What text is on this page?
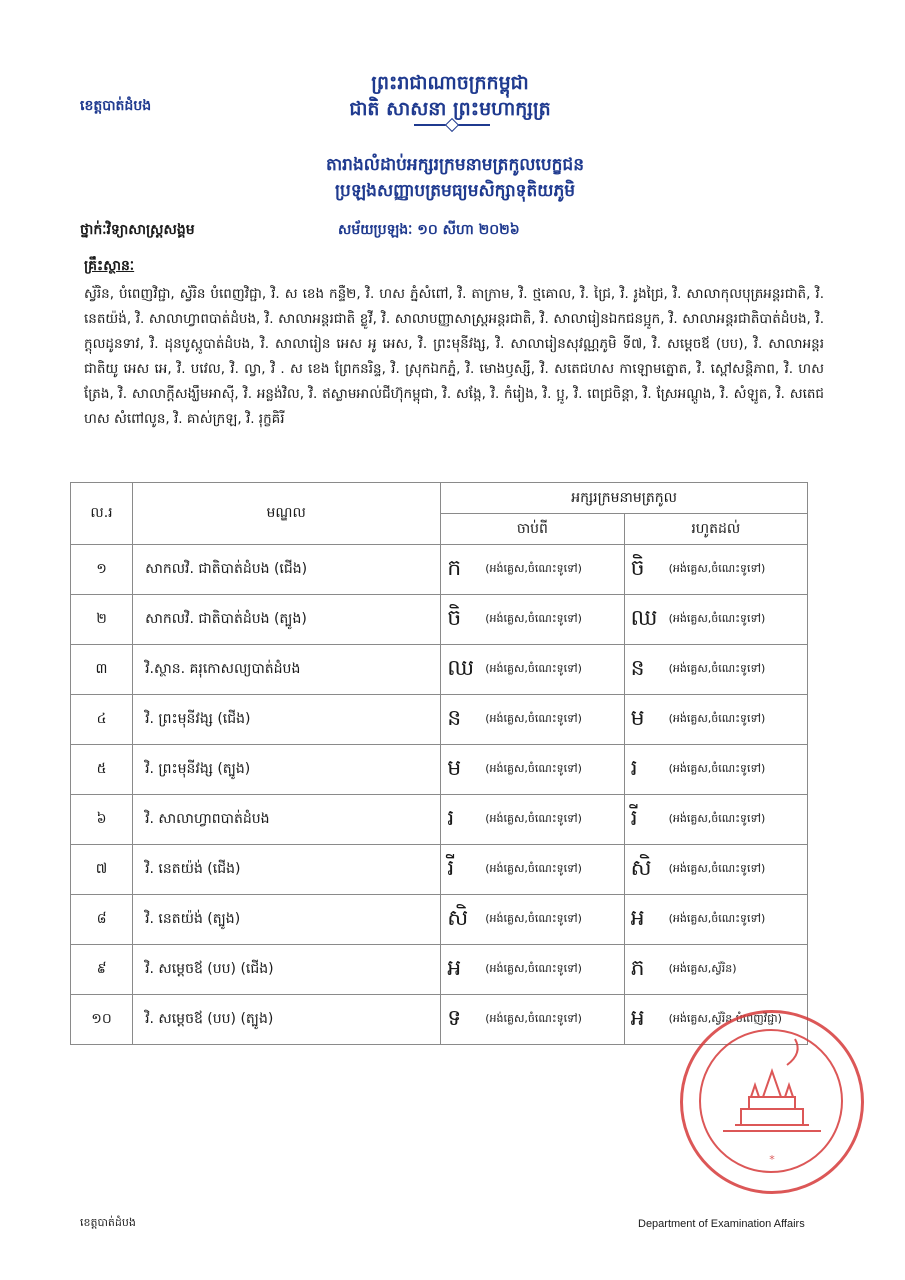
ព្រះរាជាណាចក្រកម្ពុជា
ជាតិ សាសនា ព្រះមហាក្សត្រ
ខេត្តបាត់ដំបង
តារាងលំដាប់អក្សរក្រមនាមត្រកូលបេក្ខជន
ប្រឡងសញ្ញាបត្រមធ្យមសិក្សាទុតិយភូមិ
ថ្នាក់ៈវិទ្យាសាស្ត្រសង្គម	សម័យប្រឡងៈ ១០ សីហា ២០២៦
គ្រឹះស្ថានៈ
ស្វ័រិន, បំពេញវិជ្ជា, ស្វ័រិន បំពេញវិជ្ជា, វិ. ស ខេង កន្ទឺ២, វិ. ហស ភ្នំសំពៅ, វិ. តាក្រាម, វិ. ថ្មគោល, វិ. ជ្រៃ, វិ. រូងជ្រៃ, វិ. សាលាកុលបុត្រអន្តរជាតិ, វិ. នេតយ៉ង់, វិ. សាលាហ្វាពបាត់ដំបង, វិ. សាលាអន្តរជាតិ ខ្លូវី, វិ. សាលាបញ្ញាសាស្ត្រអន្តរជាតិ, វិ. សាលារៀនឯកជនប្អូក, វិ. សាលាអន្តរជាតិបាត់ដំបង, វិ. ក្តុលដូនទាវ, វិ. ដុនបូស្កូបាត់ដំបង, វិ. សាលារៀន អេស អូ អេស, វិ. ព្រះមុនីវង្ស, វិ. សាលារៀនសុវណ្ណភូមិ ទី៧, វិ. សម្តេចឪ (បប), វិ. សាលាអន្តរជាតិយូ អេស អេ, វិ. បវេល, វិ. ល្វា, វិ . ស ខេង ព្រែកនរិន្ទ, វិ. ស្រុកឯកភ្នំ, វិ. មោងឫស្សី, វិ. សតេជហស កាឡោមត្នោត, វិ. ស្ពៅសន្តិភាព, វិ. ហស ត្រែង, វិ. សាលាក្តីសង្ឃឹមអាស៊ី, វិ. អន្លង់វិល, វិ. ឥស្លាមអាល់ជីហ៊ុកម្ពុជា, វិ. សង្កែ, វិ. កំរៀង, វិ. ប្អូ, វិ. ពេជ្រចិន្តា, វិ. ស្រែអណ្តូង, វិ. សំឡូត, វិ. សតេជ ហស សំពៅលូន, វិ. គាស់ក្រឡ, វិ. រុក្ខគិរី
ល.រ	មណ្ឌល	អក្សរក្រមនាមត្រកូល	
		ចាប់ពី	រហូតដល់
១	សាកលវិ. ជាតិបាត់ដំបង (ជើង)	ក (អង់គ្លេស,ចំណេះទូទៅ)	ចិ (អង់គ្លេស,ចំណេះទូទៅ)
២	សាកលវិ. ជាតិបាត់ដំបង (ត្បូង)	ចិ (អង់គ្លេស,ចំណេះទូទៅ)	ឈ (អង់គ្លេស,ចំណេះទូទៅ)
៣	វិ.ស្ថាន. គរុកោសល្យបាត់ដំបង	ឈ (អង់គ្លេស,ចំណេះទូទៅ)	ន (អង់គ្លេស,ចំណេះទូទៅ)
៤	វិ. ព្រះមុនីវង្ស (ជើង)	ន (អង់គ្លេស,ចំណេះទូទៅ)	ម (អង់គ្លេស,ចំណេះទូទៅ)
៥	វិ. ព្រះមុនីវង្ស (ត្បូង)	ម (អង់គ្លេស,ចំណេះទូទៅ)	រ (អង់គ្លេស,ចំណេះទូទៅ)
៦	វិ. សាលាហ្វាពបាត់ដំបង	រ (អង់គ្លេស,ចំណេះទូទៅ)	រី (អង់គ្លេស,ចំណេះទូទៅ)
៧	វិ. នេតយ៉ង់ (ជើង)	រី (អង់គ្លេស,ចំណេះទូទៅ)	សិ (អង់គ្លេស,ចំណេះទូទៅ)
៨	វិ. នេតយ៉ង់ (ត្បូង)	សិ (អង់គ្លេស,ចំណេះទូទៅ)	អ (អង់គ្លេស,ចំណេះទូទៅ)
៩	វិ. សម្តេចឪ (បប) (ជើង)	អ (អង់គ្លេស,ចំណេះទូទៅ)	ភ (អង់គ្លេស,ស្វ័រិន)
១០	វិ. សម្តេចឪ (បប) (ត្បូង)	ទ (អង់គ្លេស,ចំណេះទូទៅ)	អ (អង់គ្លេស,ស្វ័រិន បំពេញវិជ្ជា)
*
ខេត្តបាត់ដំបង	Department of Examination Affairs
